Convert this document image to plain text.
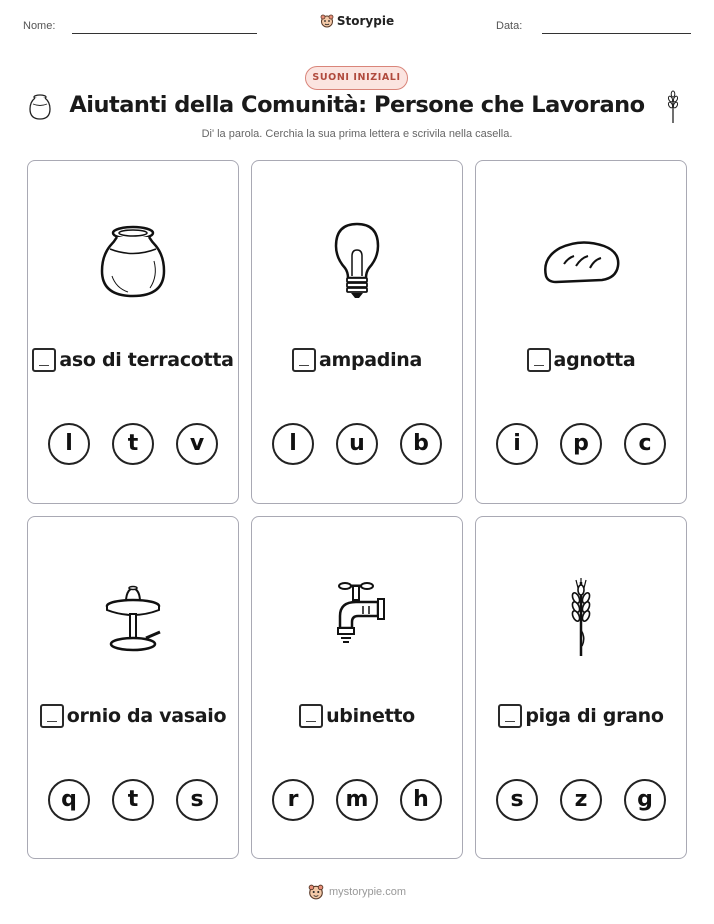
Nome:	Storypie	Data:
SUONI INIZIALI
Aiutanti della Comunità: Persone che Lavorano
Di' la parola. Cerchia la sua prima lettera e scrivila nella casella.
aso di terracotta
l	t	v
ampadina
l	u	b
agnotta
i	p	c
ornio da vasaio
q	t	s
ubinetto
r	m	h
piga di grano
s	z	g
mystorypie.com
